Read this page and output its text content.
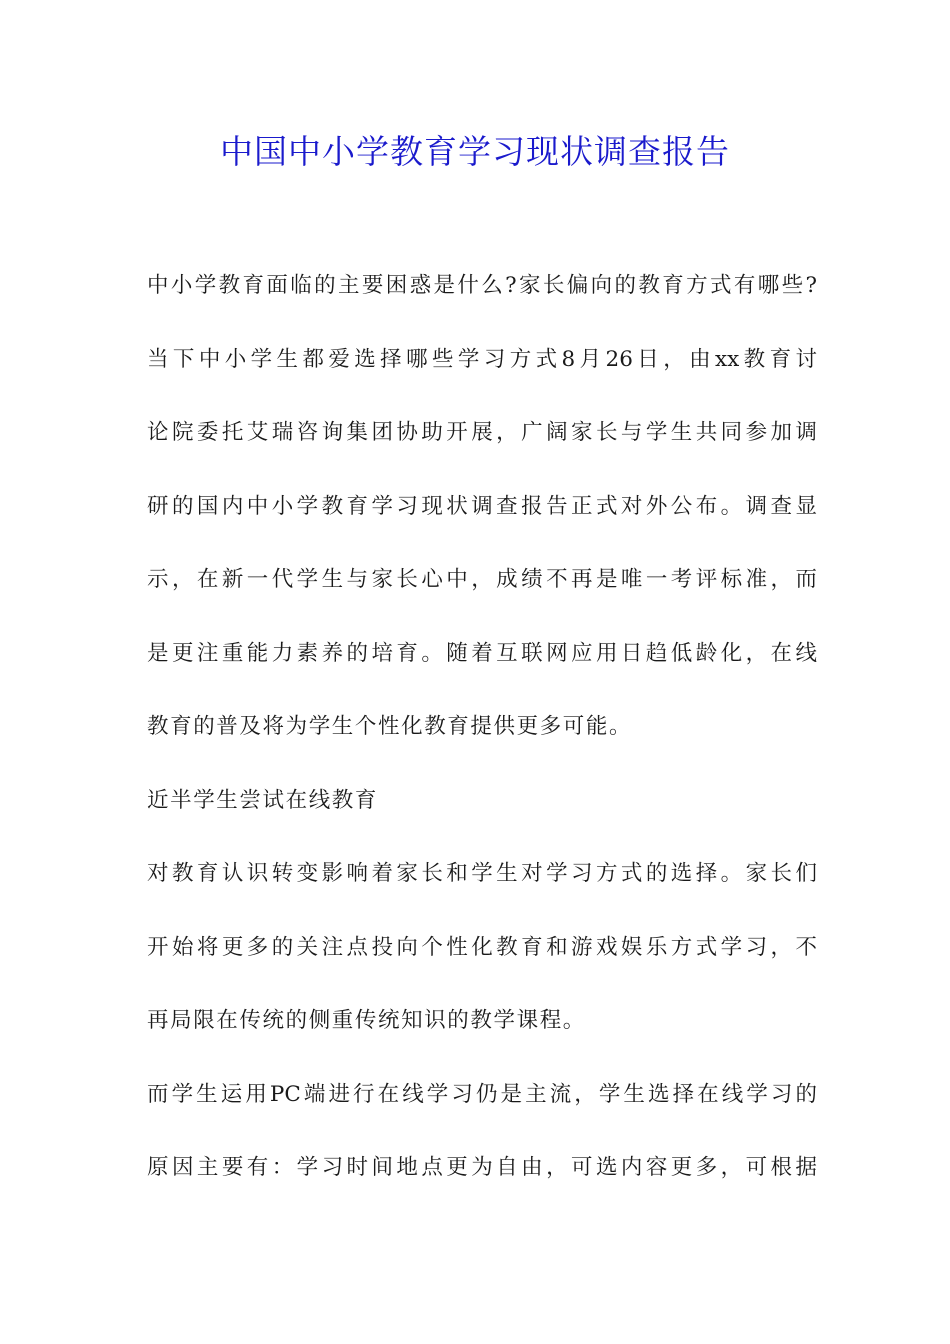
中国中小学教育学习现状调查报告
中小学教育面临的主要困惑是什么?家长偏向的教育方式有哪些?
当下中小学生都爱选择哪些学习方式8月26日，由xx教育讨
论院委托艾瑞咨询集团协助开展，广阔家长与学生共同参加调
研的国内中小学教育学习现状调查报告正式对外公布。调查显
示，在新一代学生与家长心中，成绩不再是唯一考评标准，而
是更注重能力素养的培育。随着互联网应用日趋低龄化，在线
教育的普及将为学生个性化教育提供更多可能。
近半学生尝试在线教育
对教育认识转变影响着家长和学生对学习方式的选择。家长们
开始将更多的关注点投向个性化教育和游戏娱乐方式学习，不
再局限在传统的侧重传统知识的教学课程。
而学生运用PC端进行在线学习仍是主流，学生选择在线学习的
原因主要有：学习时间地点更为自由，可选内容更多，可根据
